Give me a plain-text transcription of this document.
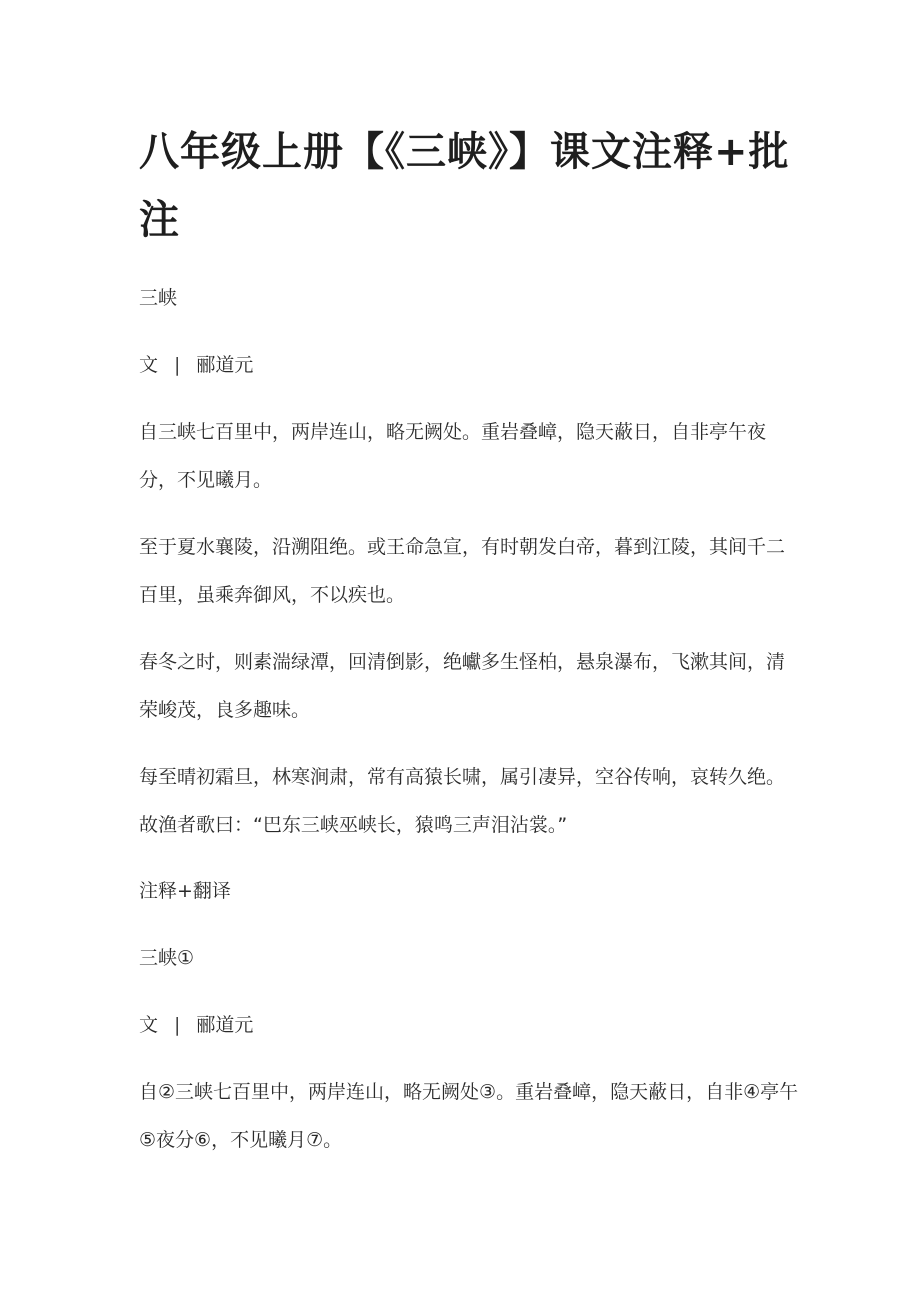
八年级上册【《三峡》】课文注释+批注

三峡

文 | 郦道元

自三峡七百里中，两岸连山，略无阙处。重岩叠嶂，隐天蔽日，自非亭午夜分，不见曦月。

至于夏水襄陵，沿溯阻绝。或王命急宣，有时朝发白帝，暮到江陵，其间千二百里，虽乘奔御风，不以疾也。

春冬之时，则素湍绿潭，回清倒影，绝巘多生怪柏，悬泉瀑布，飞漱其间，清荣峻茂，良多趣味。

每至晴初霜旦，林寒涧肃，常有高猿长啸，属引凄异，空谷传响，哀转久绝。故渔者歌曰：“巴东三峡巫峡长，猿鸣三声泪沾裳。”

注释+翻译

三峡①

文 | 郦道元

自②三峡七百里中，两岸连山，略无阙处③。重岩叠嶂，隐天蔽日，自非④亭午⑤夜分⑥，不见曦月⑦。
